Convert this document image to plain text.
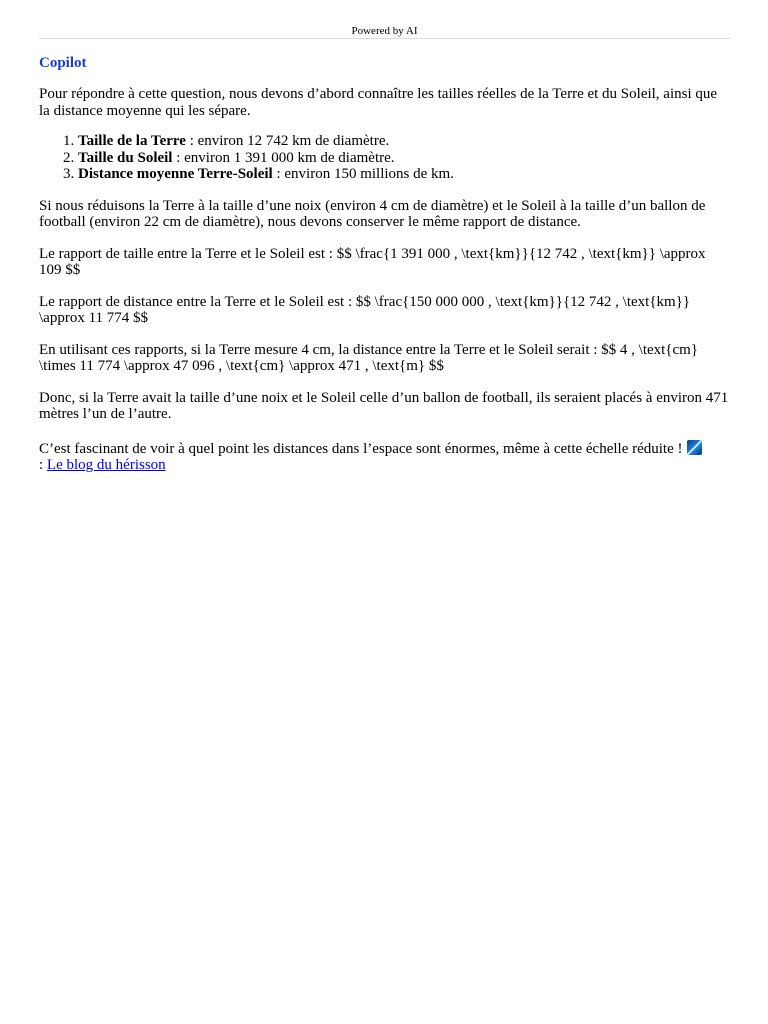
Powered by AI
Copilot

Pour répondre à cette question, nous devons d’abord connaître les tailles réelles de la Terre et du Soleil, ainsi que la distance moyenne qui les sépare.

1. Taille de la Terre : environ 12 742 km de diamètre.
2. Taille du Soleil : environ 1 391 000 km de diamètre.
3. Distance moyenne Terre-Soleil : environ 150 millions de km.

Si nous réduisons la Terre à la taille d’une noix (environ 4 cm de diamètre) et le Soleil à la taille d’un ballon de football (environ 22 cm de diamètre), nous devons conserver le même rapport de distance.

Le rapport de taille entre la Terre et le Soleil est : $$ \frac{1 391 000 , \text{km}}{12 742 , \text{km}} \approx 109 $$

Le rapport de distance entre la Terre et le Soleil est : $$ \frac{150 000 000 , \text{km}}{12 742 , \text{km}} \approx 11 774 $$

En utilisant ces rapports, si la Terre mesure 4 cm, la distance entre la Terre et le Soleil serait : $$ 4 , \text{cm} \times 11 774 \approx 47 096 , \text{cm} \approx 471 , \text{m} $$

Donc, si la Terre avait la taille d’une noix et le Soleil celle d’un ballon de football, ils seraient placés à environ 471 mètres l’un de l’autre.

C’est fascinant de voir à quel point les distances dans l’espace sont énormes, même à cette échelle réduite !
: Le blog du hérisson
